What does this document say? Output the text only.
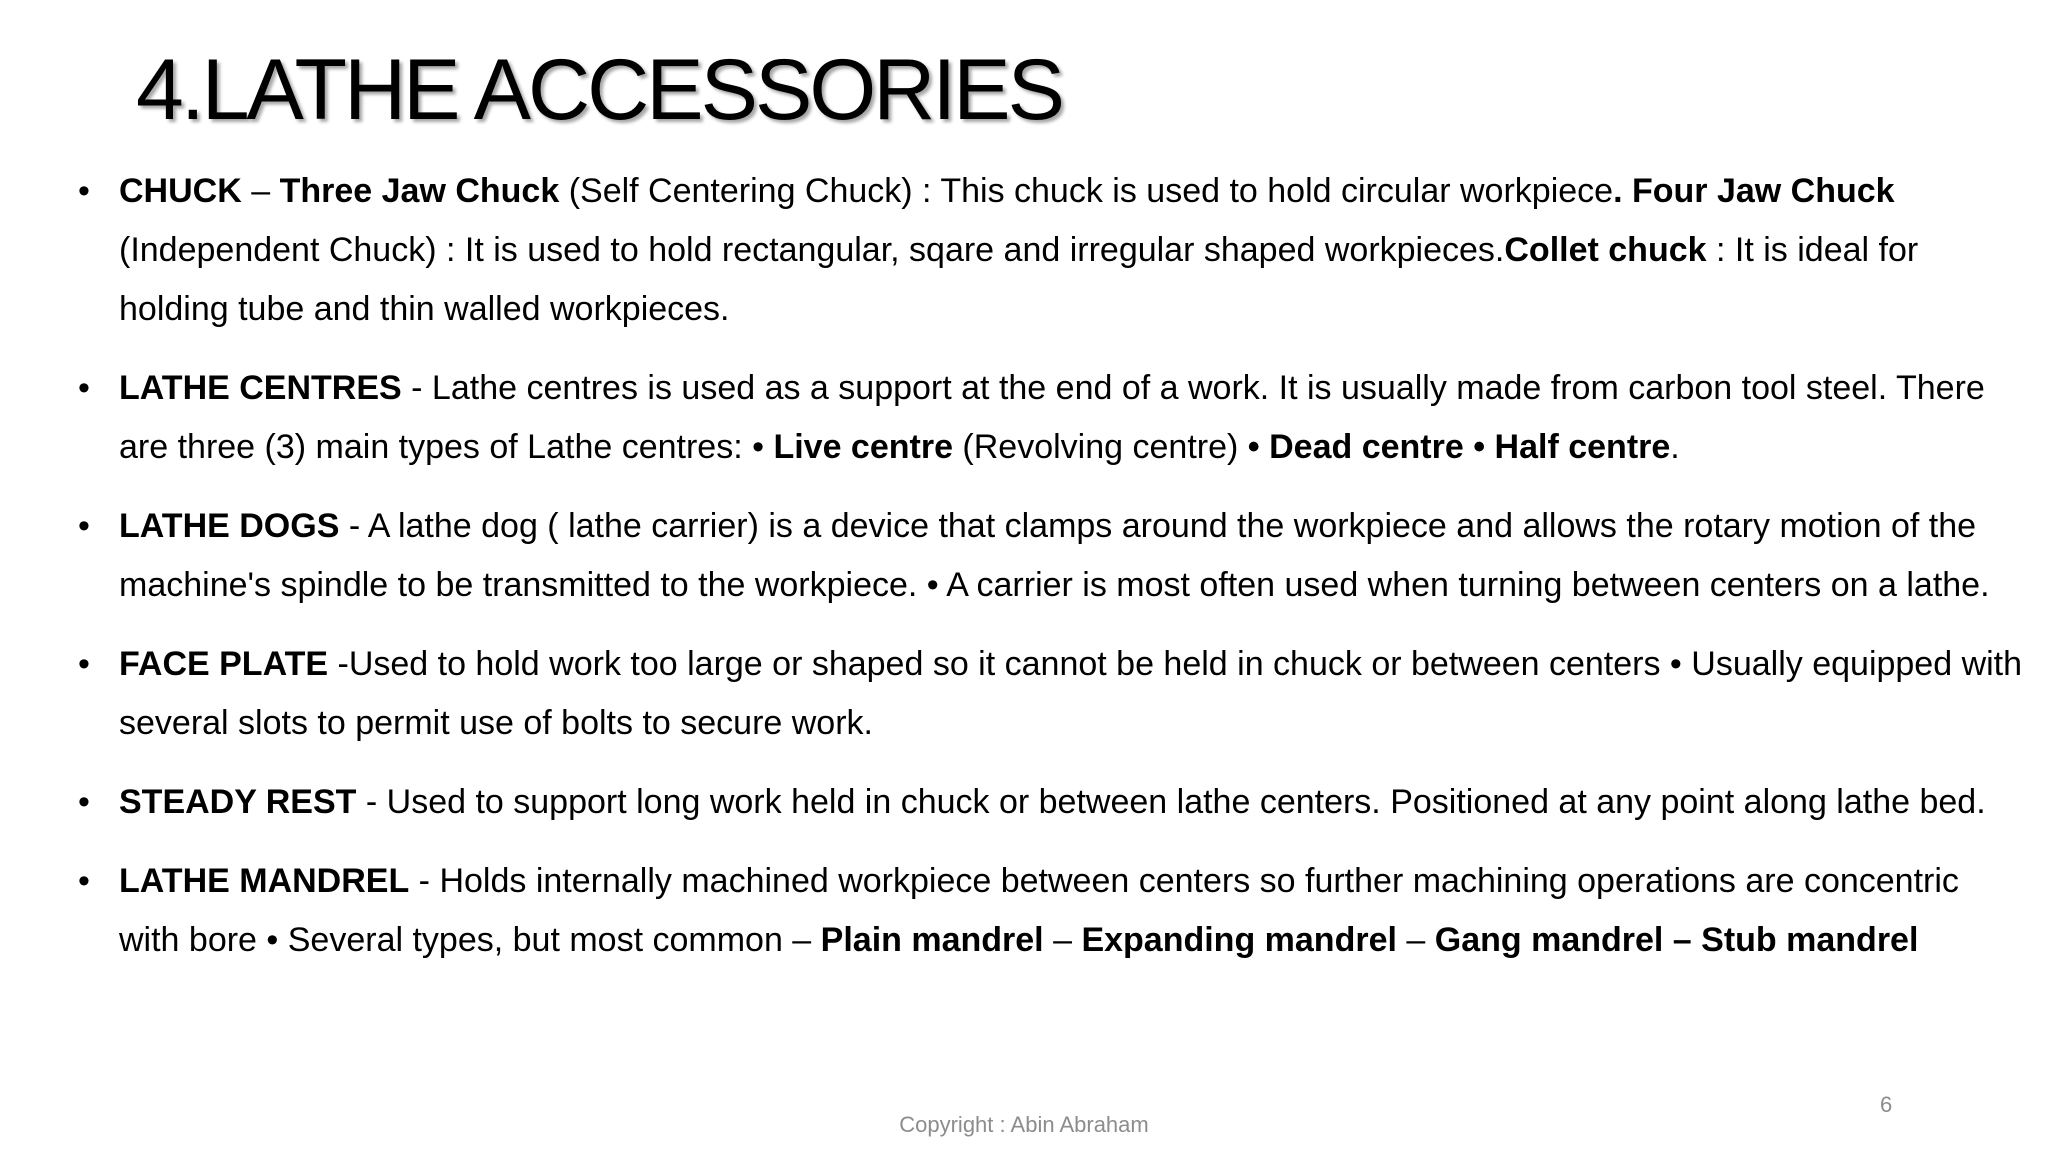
4.LATHE ACCESSORIES
• CHUCK – Three Jaw Chuck (Self Centering Chuck) : This chuck is used to hold circular workpiece. Four Jaw Chuck (Independent Chuck) : It is used to hold rectangular, sqare and irregular shaped workpieces.Collet chuck : It is ideal for holding tube and thin walled workpieces.
• LATHE CENTRES - Lathe centres is used as a support at the end of a work. It is usually made from carbon tool steel. There are three (3) main types of Lathe centres: • Live centre (Revolving centre) • Dead centre • Half centre.
• LATHE DOGS - A lathe dog ( lathe carrier) is a device that clamps around the workpiece and allows the rotary motion of the machine's spindle to be transmitted to the workpiece. • A carrier is most often used when turning between centers on a lathe.
• FACE PLATE -Used to hold work too large or shaped so it cannot be held in chuck or between centers • Usually equipped with several slots to permit use of bolts to secure work.
• STEADY REST - Used to support long work held in chuck or between lathe centers. Positioned at any point along lathe bed.
• LATHE MANDREL - Holds internally machined workpiece between centers so further machining operations are concentric with bore • Several types, but most common – Plain mandrel – Expanding mandrel – Gang mandrel – Stub mandrel
Copyright : Abin Abraham
6
